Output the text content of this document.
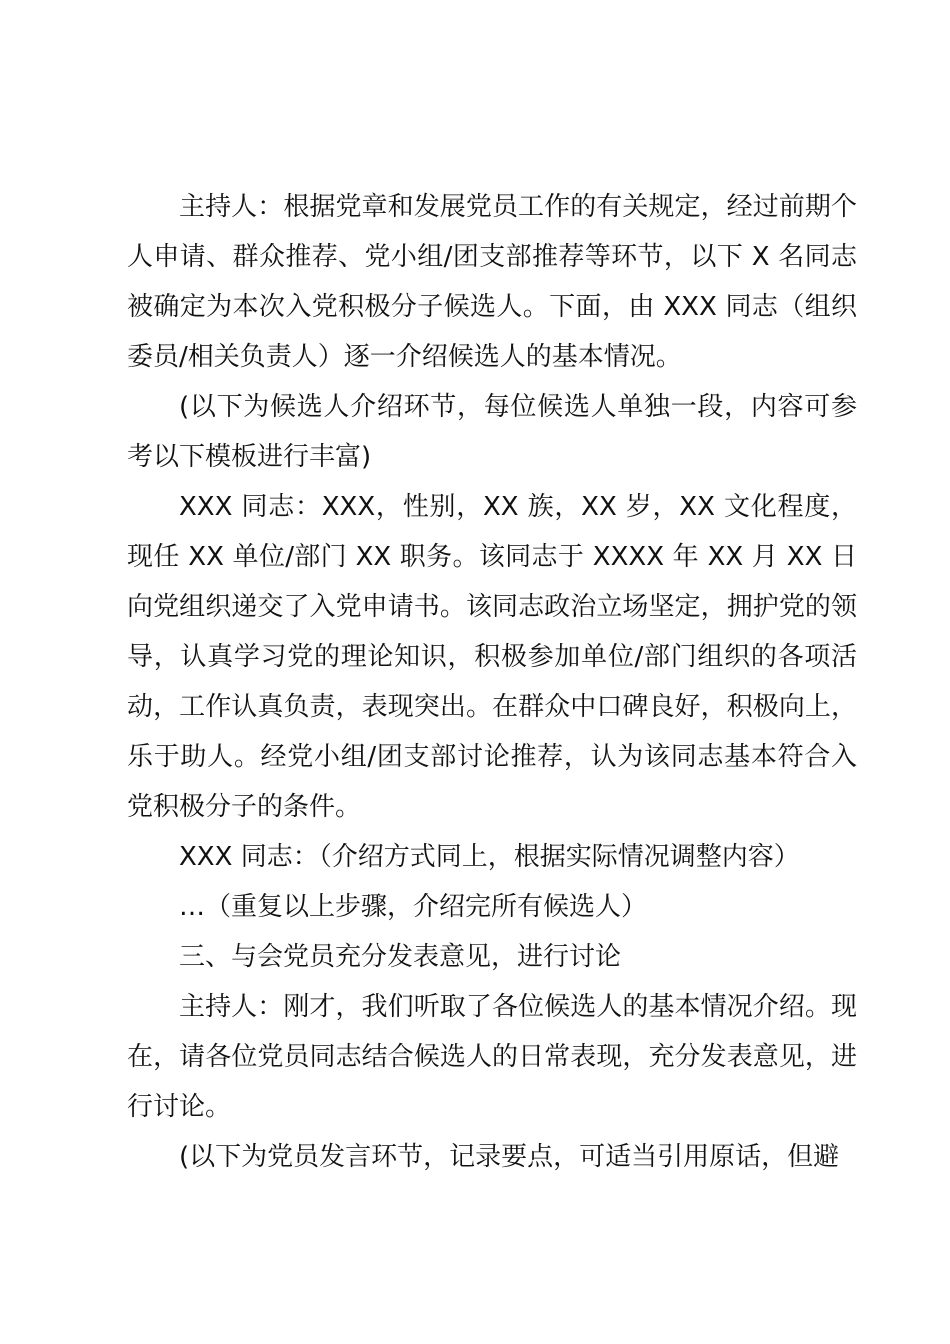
主持人：根据党章和发展党员工作的有关规定，经过前期个人申请、群众推荐、党小组/团支部推荐等环节，以下 X 名同志被确定为本次入党积极分子候选人。下面，由 XXX 同志（组织委员/相关负责人）逐一介绍候选人的基本情况。

(以下为候选人介绍环节，每位候选人单独一段，内容可参考以下模板进行丰富)

XXX 同志：XXX，性别，XX 族，XX 岁，XX 文化程度，现任 XX 单位/部门 XX 职务。该同志于 XXXX 年 XX 月 XX 日向党组织递交了入党申请书。该同志政治立场坚定，拥护党的领导，认真学习党的理论知识，积极参加单位/部门组织的各项活动，工作认真负责，表现突出。在群众中口碑良好，积极向上，乐于助人。经党小组/团支部讨论推荐，认为该同志基本符合入党积极分子的条件。

XXX 同志：（介绍方式同上，根据实际情况调整内容）

…（重复以上步骤，介绍完所有候选人）

三、与会党员充分发表意见，进行讨论

主持人：刚才，我们听取了各位候选人的基本情况介绍。现在，请各位党员同志结合候选人的日常表现，充分发表意见，进行讨论。

(以下为党员发言环节，记录要点，可适当引用原话，但避
